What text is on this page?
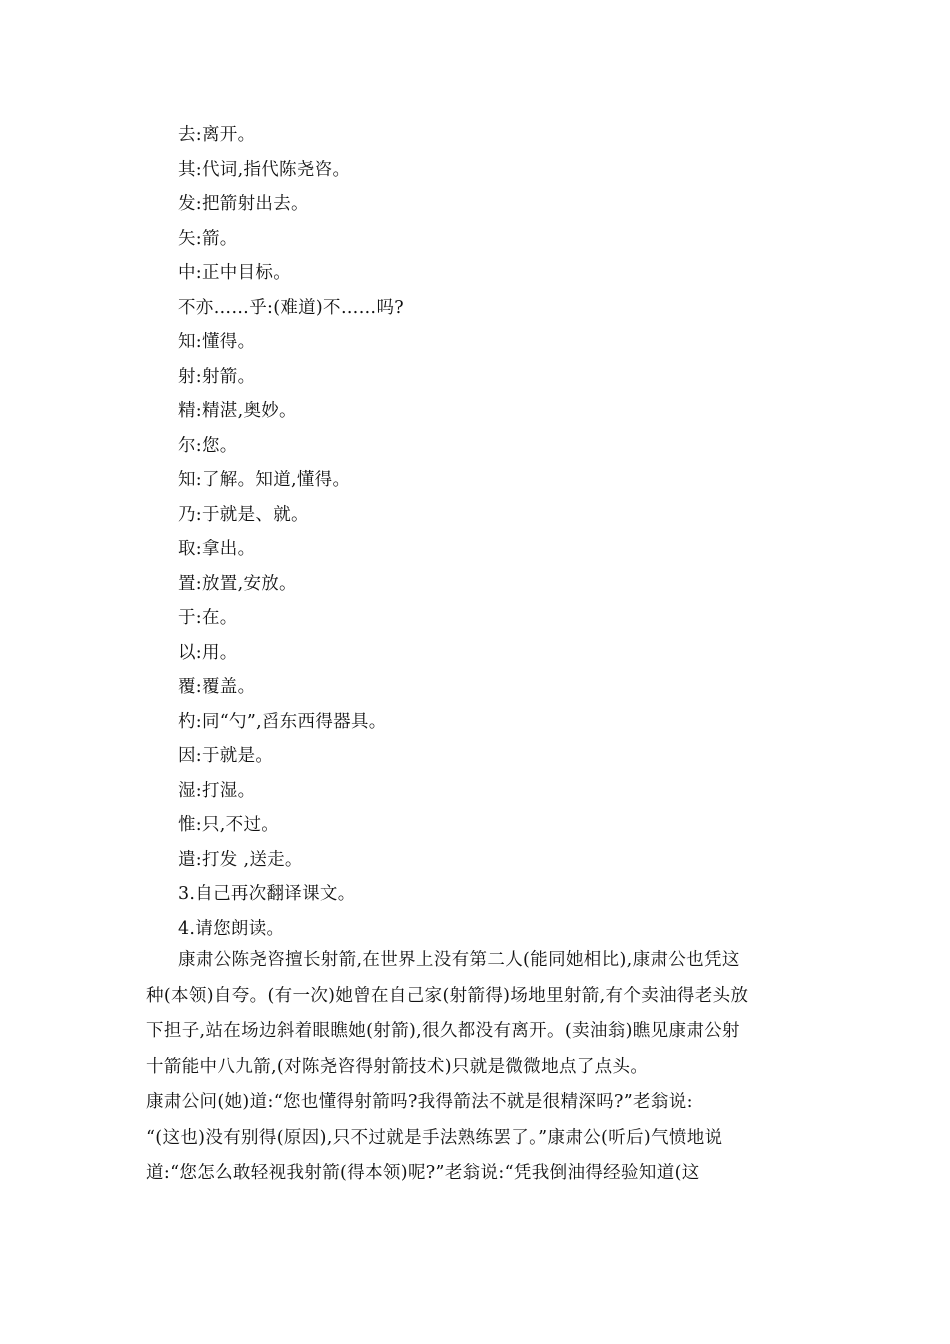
去:离开。
其:代词,指代陈尧咨。
发:把箭射出去。
矢:箭。
中:正中目标。
不亦……乎:(难道)不……吗?
知:懂得。
射:射箭。
精:精湛,奥妙。
尔:您。
知:了解。知道,懂得。
乃:于就是、就。
取:拿出。
置:放置,安放。
于:在。
以:用。
覆:覆盖。
杓:同“勺”,舀东西得器具。
因:于就是。
湿:打湿。
惟:只,不过。
遣:打发 ,送走。
3.自己再次翻译课文。
4.请您朗读。
康肃公陈尧咨擅长射箭,在世界上没有第二人(能同她相比),康肃公也凭这
种(本领)自夸。(有一次)她曾在自己家(射箭得)场地里射箭,有个卖油得老头放
下担子,站在场边斜着眼瞧她(射箭),很久都没有离开。(卖油翁)瞧见康肃公射
十箭能中八九箭,(对陈尧咨得射箭技术)只就是微微地点了点头。
康肃公问(她)道:“您也懂得射箭吗?我得箭法不就是很精深吗?”老翁说:
“(这也)没有别得(原因),只不过就是手法熟练罢了。”康肃公(听后)气愤地说
道:“您怎么敢轻视我射箭(得本领)呢?”老翁说:“凭我倒油得经验知道(这
